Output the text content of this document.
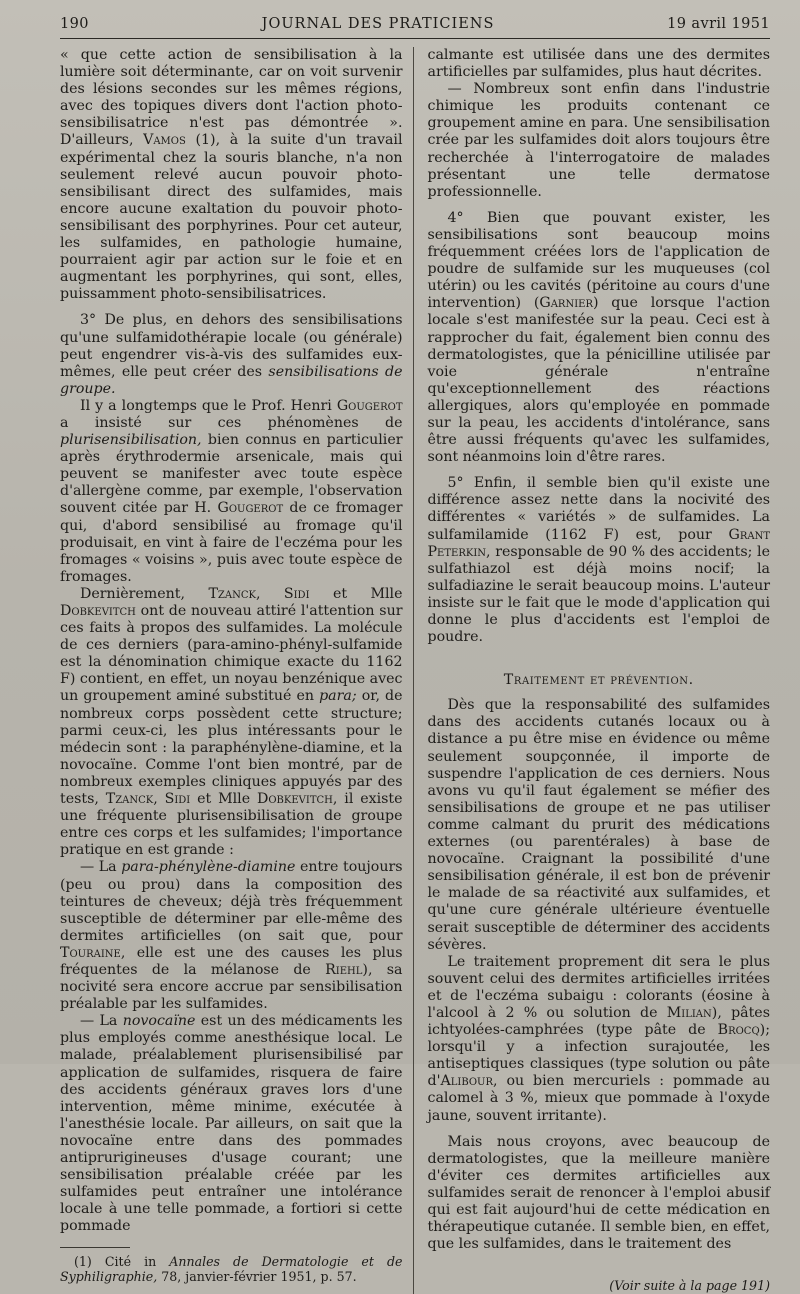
190	JOURNAL DES PRATICIENS	19 avril 1951

« que cette action de sensibilisation à la lumière soit déterminante, car on voit survenir des lésions secondes sur les mêmes régions, avec des topiques divers dont l'action photo-sensibilisatrice n'est pas démontrée ». D'ailleurs, Vamos (1), à la suite d'un travail expérimental chez la souris blanche, n'a non seulement relevé aucun pouvoir photo-sensibilisant direct des sulfamides, mais encore aucune exaltation du pouvoir photo-sensibilisant des porphyrines. Pour cet auteur, les sulfamides, en pathologie humaine, pourraient agir par action sur le foie et en augmentant les porphyrines, qui sont, elles, puissamment photo-sensibilisatrices.

3° De plus, en dehors des sensibilisations qu'une sulfamidothérapie locale (ou générale) peut engendrer vis-à-vis des sulfamides eux-mêmes, elle peut créer des sensibilisations de groupe.

Il y a longtemps que le Prof. Henri Gougerot a insisté sur ces phénomènes de plurisensibilisation, bien connus en particulier après érythrodermie arsenicale, mais qui peuvent se manifester avec toute espèce d'allergène comme, par exemple, l'observation souvent citée par H. Gougerot de ce fromager qui, d'abord sensibilisé au fromage qu'il produisait, en vint à faire de l'eczéma pour les fromages « voisins », puis avec toute espèce de fromages.

Dernièrement, Tzanck, Sidi et Mlle Dobkevitch ont de nouveau attiré l'attention sur ces faits à propos des sulfamides. La molécule de ces derniers (para-amino-phényl-sulfamide est la dénomination chimique exacte du 1162 F) contient, en effet, un noyau benzénique avec un groupement aminé substitué en para; or, de nombreux corps possèdent cette structure; parmi ceux-ci, les plus intéressants pour le médecin sont : la paraphénylène-diamine, et la novocaïne. Comme l'ont bien montré, par de nombreux exemples cliniques appuyés par des tests, Tzanck, Sidi et Mlle Dobkevitch, il existe une fréquente plurisensibilisation de groupe entre ces corps et les sulfamides; l'importance pratique en est grande :

— La para-phénylène-diamine entre toujours (peu ou prou) dans la composition des teintures de cheveux; déjà très fréquemment susceptible de déterminer par elle-même des dermites artificielles (on sait que, pour Touraine, elle est une des causes les plus fréquentes de la mélanose de Riehl), sa nocivité sera encore accrue par sensibilisation préalable par les sulfamides.

— La novocaïne est un des médicaments les plus employés comme anesthésique local. Le malade, préalablement plurisensibilisé par application de sulfamides, risquera de faire des accidents généraux graves lors d'une intervention, même minime, exécutée à l'anesthésie locale. Par ailleurs, on sait que la novocaïne entre dans des pommades antiprurigineuses d'usage courant; une sensibilisation préalable créée par les sulfamides peut entraîner une intolérance locale à une telle pommade, a fortiori si cette pommade

(1) Cité in Annales de Dermatologie et de Syphiligraphie, 78, janvier-février 1951, p. 57.

calmante est utilisée dans une des dermites artificielles par sulfamides, plus haut décrites.

— Nombreux sont enfin dans l'industrie chimique les produits contenant ce groupement amine en para. Une sensibilisation crée par les sulfamides doit alors toujours être recherchée à l'interrogatoire de malades présentant une telle dermatose professionnelle.

4° Bien que pouvant exister, les sensibilisations sont beaucoup moins fréquemment créées lors de l'application de poudre de sulfamide sur les muqueuses (col utérin) ou les cavités (péritoine au cours d'une intervention) (Garnier) que lorsque l'action locale s'est manifestée sur la peau. Ceci est à rapprocher du fait, également bien connu des dermatologistes, que la pénicilline utilisée par voie générale n'entraîne qu'exceptionnellement des réactions allergiques, alors qu'employée en pommade sur la peau, les accidents d'intolérance, sans être aussi fréquents qu'avec les sulfamides, sont néanmoins loin d'être rares.

5° Enfin, il semble bien qu'il existe une différence assez nette dans la nocivité des différentes « variétés » de sulfamides. La sulfamilamide (1162 F) est, pour Grant Peterkin, responsable de 90 % des accidents; le sulfathiazol est déjà moins nocif; la sulfadiazine le serait beaucoup moins. L'auteur insiste sur le fait que le mode d'application qui donne le plus d'accidents est l'emploi de poudre.

Traitement et prévention.

Dès que la responsabilité des sulfamides dans des accidents cutanés locaux ou à distance a pu être mise en évidence ou même seulement soupçonnée, il importe de suspendre l'application de ces derniers. Nous avons vu qu'il faut également se méfier des sensibilisations de groupe et ne pas utiliser comme calmant du prurit des médications externes (ou parentérales) à base de novocaïne. Craignant la possibilité d'une sensibilisation générale, il est bon de prévenir le malade de sa réactivité aux sulfamides, et qu'une cure générale ultérieure éventuelle serait susceptible de déterminer des accidents sévères.

Le traitement proprement dit sera le plus souvent celui des dermites artificielles irritées et de l'eczéma subaigu : colorants (éosine à l'alcool à 2 % ou solution de Milian), pâtes ichtyolées-camphrées (type pâte de Brocq); lorsqu'il y a infection surajoutée, les antiseptiques classiques (type solution ou pâte d'Alibour, ou bien mercuriels : pommade au calomel à 3 %, mieux que pommade à l'oxyde jaune, souvent irritante).

Mais nous croyons, avec beaucoup de dermatologistes, que la meilleure manière d'éviter ces dermites artificielles aux sulfamides serait de renoncer à l'emploi abusif qui est fait aujourd'hui de cette médication en thérapeutique cutanée. Il semble bien, en effet, que les sulfamides, dans le traitement des

(Voir suite à la page 191)
